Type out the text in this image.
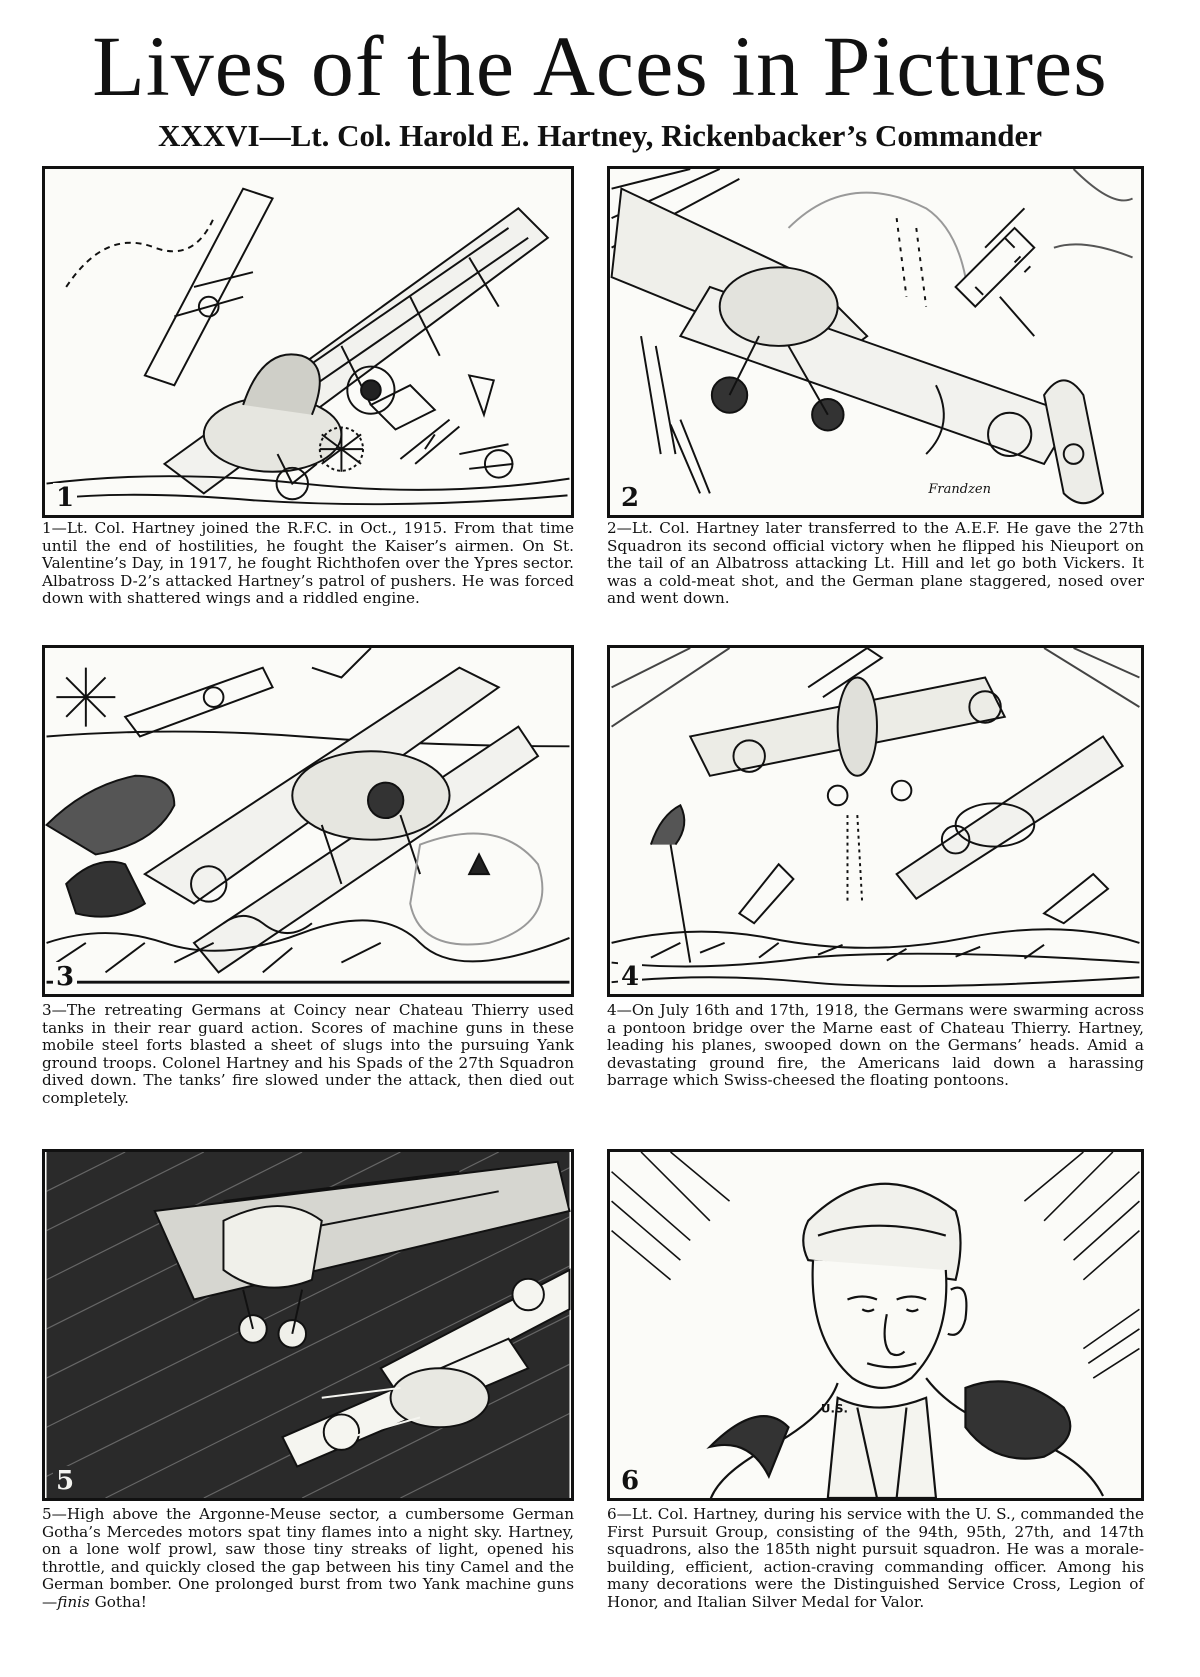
Lives of the Aces in Pictures
XXXVI—Lt. Col. Harold E. Hartney, Rickenbacker’s Commander
1

1—Lt. Col. Hartney joined the R.F.C. in Oct., 1915. From that time until the end of hostilities, he fought the Kaiser’s airmen. On St. Valentine’s Day, in 1917, he fought Richthofen over the Ypres sector. Albatross D-2’s attacked Hartney’s patrol of pushers. He was forced down with shattered wings and a riddled engine.

2	Frandzen

2—Lt. Col. Hartney later transferred to the A.E.F. He gave the 27th Squadron its second official victory when he flipped his Nieuport on the tail of an Albatross attacking Lt. Hill and let go both Vickers. It was a cold-meat shot, and the German plane staggered, nosed over and went down.

3

3—The retreating Germans at Coincy near Chateau Thierry used tanks in their rear guard action. Scores of machine guns in these mobile steel forts blasted a sheet of slugs into the pursuing Yank ground troops. Colonel Hartney and his Spads of the 27th Squadron dived down. The tanks’ fire slowed under the attack, then died out completely.

4

4—On July 16th and 17th, 1918, the Germans were swarming across a pontoon bridge over the Marne east of Chateau Thierry. Hartney, leading his planes, swooped down on the Germans’ heads. Amid a devastating ground fire, the Americans laid down a harassing barrage which Swiss-cheesed the floating pontoons.

5

5—High above the Argonne-Meuse sector, a cumbersome German Gotha’s Mercedes motors spat tiny flames into a night sky. Hartney, on a lone wolf prowl, saw those tiny streaks of light, opened his throttle, and quickly closed the gap between his tiny Camel and the German bomber. One prolonged burst from two Yank machine guns—finis Gotha!

U.S.
6

6—Lt. Col. Hartney, during his service with the U. S., commanded the First Pursuit Group, consisting of the 94th, 95th, 27th, and 147th squadrons, also the 185th night pursuit squadron. He was a morale-building, efficient, action-craving commanding officer. Among his many decorations were the Distinguished Service Cross, Legion of Honor, and Italian Silver Medal for Valor.
